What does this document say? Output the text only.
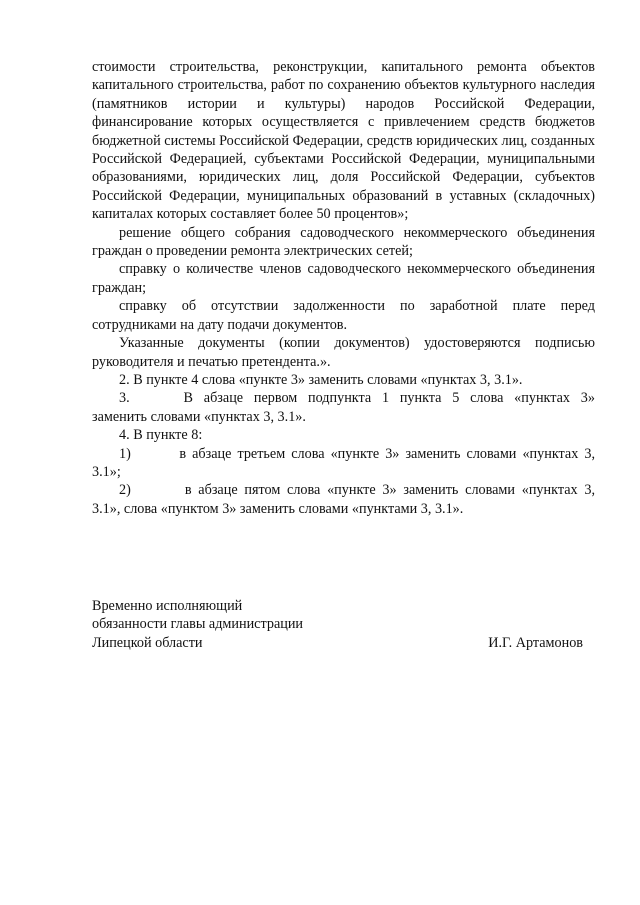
стоимости строительства, реконструкции, капитального ремонта объектов капитального строительства, работ по сохранению объектов культурного наследия (памятников истории и культуры) народов Российской Федерации, финансирование которых осуществляется с привлечением средств бюджетов бюджетной системы Российской Федерации, средств юридических лиц, созданных Российской Федерацией, субъектами Российской Федерации, муниципальными образованиями, юридических лиц, доля Российской Федерации, субъектов Российской Федерации, муниципальных образований в уставных (складочных) капиталах которых составляет более 50 процентов»;

решение общего собрания садоводческого некоммерческого объединения граждан о проведении ремонта электрических сетей;

справку о количестве членов садоводческого некоммерческого объединения граждан;

справку об отсутствии задолженности по заработной плате перед сотрудниками на дату подачи документов.

Указанные документы (копии документов) удостоверяются подписью руководителя и печатью претендента.».

2. В пункте 4 слова «пункте 3» заменить словами «пунктах 3, 3.1».

3.	В абзаце первом подпункта 1 пункта 5 слова «пунктах 3»

заменить словами «пунктах 3, 3.1».

4. В пункте 8:

1)	в абзаце третьем слова «пункте 3» заменить словами «пунктах 3,

3.1»;

2)	в абзаце пятом слова «пункте 3» заменить словами «пунктах 3,

3.1», слова «пунктом 3» заменить словами «пунктами 3, 3.1».

Временно исполняющий

обязанности главы администрации

Липецкой области	И.Г. Артамонов
